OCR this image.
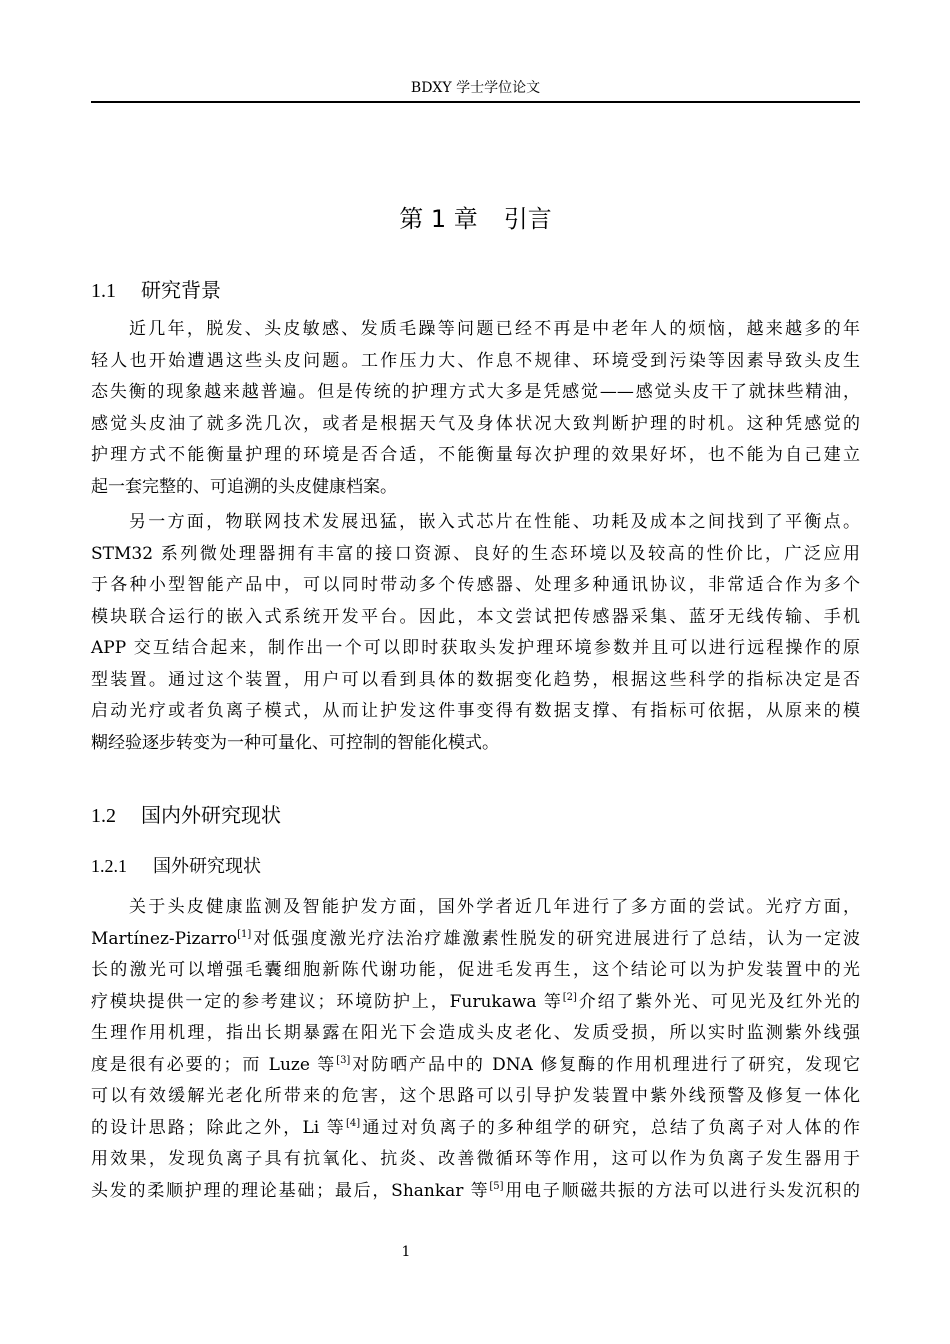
BDXY 学士学位论文
第 1 章 引言
1.1 研究背景
近几年，脱发、头皮敏感、发质毛躁等问题已经不再是中老年人的烦恼，越来越多的年
轻人也开始遭遇这些头皮问题。工作压力大、作息不规律、环境受到污染等因素导致头皮生
态失衡的现象越来越普遍。但是传统的护理方式大多是凭感觉——感觉头皮干了就抹些精油，
感觉头皮油了就多洗几次，或者是根据天气及身体状况大致判断护理的时机。这种凭感觉的
护理方式不能衡量护理的环境是否合适，不能衡量每次护理的效果好坏，也不能为自己建立
起一套完整的、可追溯的头皮健康档案。
另一方面，物联网技术发展迅猛，嵌入式芯片在性能、功耗及成本之间找到了平衡点。
STM32 系列微处理器拥有丰富的接口资源、良好的生态环境以及较高的性价比，广泛应用
于各种小型智能产品中，可以同时带动多个传感器、处理多种通讯协议，非常适合作为多个
模块联合运行的嵌入式系统开发平台。因此，本文尝试把传感器采集、蓝牙无线传输、手机
APP 交互结合起来，制作出一个可以即时获取头发护理环境参数并且可以进行远程操作的原
型装置。通过这个装置，用户可以看到具体的数据变化趋势，根据这些科学的指标决定是否
启动光疗或者负离子模式，从而让护发这件事变得有数据支撑、有指标可依据，从原来的模
糊经验逐步转变为一种可量化、可控制的智能化模式。
1.2 国内外研究现状
1.2.1 国外研究现状
关于头皮健康监测及智能护发方面，国外学者近几年进行了多方面的尝试。光疗方面，
Martínez-Pizarro[1]对低强度激光疗法治疗雄激素性脱发的研究进展进行了总结，认为一定波
长的激光可以增强毛囊细胞新陈代谢功能，促进毛发再生，这个结论可以为护发装置中的光
疗模块提供一定的参考建议；环境防护上，Furukawa 等[2]介绍了紫外光、可见光及红外光的
生理作用机理，指出长期暴露在阳光下会造成头皮老化、发质受损，所以实时监测紫外线强
度是很有必要的；而 Luze 等[3]对防晒产品中的 DNA 修复酶的作用机理进行了研究，发现它
可以有效缓解光老化所带来的危害，这个思路可以引导护发装置中紫外线预警及修复一体化
的设计思路；除此之外，Li 等[4]通过对负离子的多种组学的研究，总结了负离子对人体的作
用效果，发现负离子具有抗氧化、抗炎、改善微循环等作用，这可以作为负离子发生器用于
头发的柔顺护理的理论基础；最后，Shankar 等[5]用电子顺磁共振的方法可以进行头发沉积的
1
